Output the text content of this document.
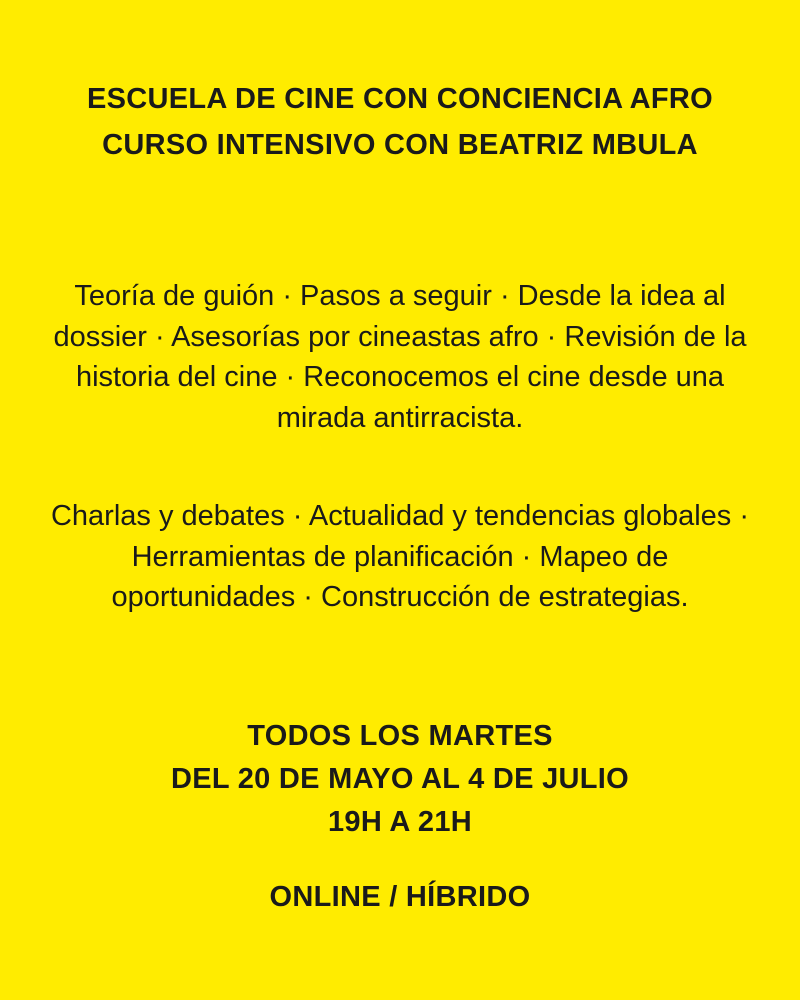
ESCUELA DE CINE CON CONCIENCIA AFRO
CURSO INTENSIVO CON BEATRIZ MBULA

Teoría de guión · Pasos a seguir · Desde la idea al dossier · Asesorías por cineastas afro · Revisión de la historia del cine · Reconocemos el cine desde una mirada antirracista.

Charlas y debates · Actualidad y tendencias globales · Herramientas de planificación · Mapeo de oportunidades · Construcción de estrategias.

TODOS LOS MARTES
DEL 20 DE MAYO AL 4 DE JULIO
19H A 21H
ONLINE / HÍBRIDO
